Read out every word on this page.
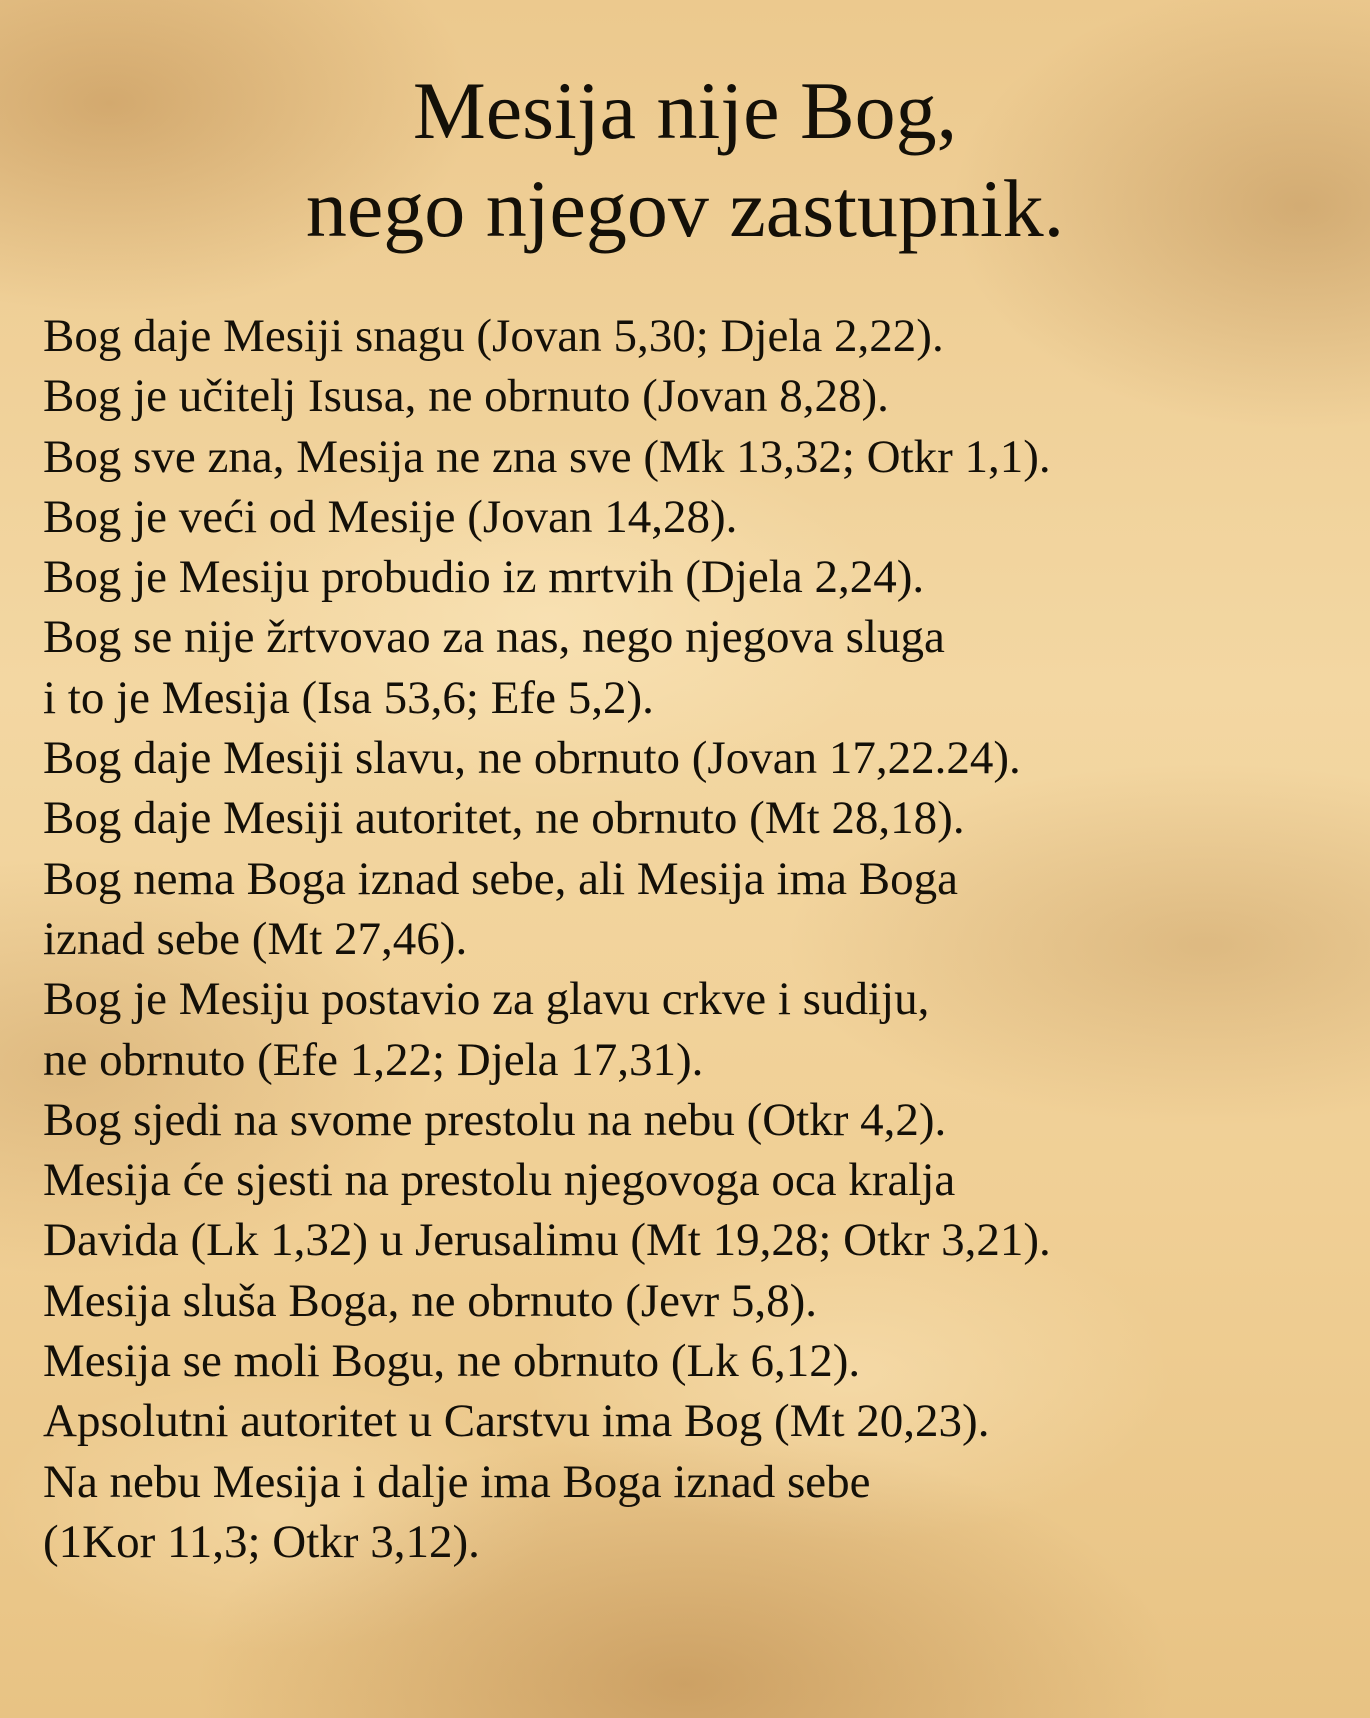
Mesija nije Bog,
nego njegov zastupnik.
Bog daje Mesiji snagu (Jovan 5,30; Djela 2,22).
Bog je učitelj Isusa, ne obrnuto (Jovan 8,28).
Bog sve zna, Mesija ne zna sve (Mk 13,32; Otkr 1,1).
Bog je veći od Mesije (Jovan 14,28).
Bog je Mesiju probudio iz mrtvih (Djela 2,24).
Bog se nije žrtvovao za nas, nego njegova sluga
i to je Mesija (Isa 53,6; Efe 5,2).
Bog daje Mesiji slavu, ne obrnuto (Jovan 17,22.24).
Bog daje Mesiji autoritet, ne obrnuto (Mt 28,18).
Bog nema Boga iznad sebe, ali Mesija ima Boga
iznad sebe (Mt 27,46).
Bog je Mesiju postavio za glavu crkve i sudiju,
ne obrnuto (Efe 1,22; Djela 17,31).
Bog sjedi na svome prestolu na nebu (Otkr 4,2).
Mesija će sjesti na prestolu njegovoga oca kralja
Davida (Lk 1,32) u Jerusalimu (Mt 19,28; Otkr 3,21).
Mesija sluša Boga, ne obrnuto (Jevr 5,8).
Mesija se moli Bogu, ne obrnuto (Lk 6,12).
Apsolutni autoritet u Carstvu ima Bog (Mt 20,23).
Na nebu Mesija i dalje ima Boga iznad sebe
(1Kor 11,3; Otkr 3,12).
